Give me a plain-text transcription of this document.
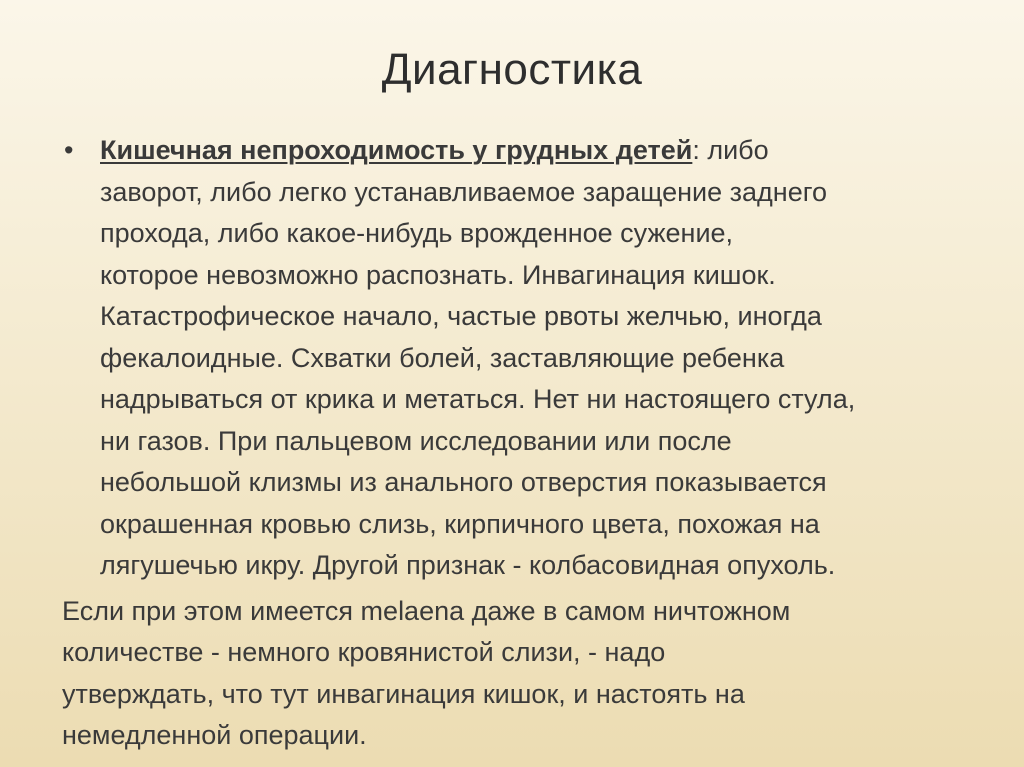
Диагностика
• Кишечная непроходимость у грудных детей: либо
заворот, либо легко устанавливаемое заращение заднего
прохода, либо какое-нибудь врожденное сужение,
которое невозможно распознать. Инвагинация кишок.
Катастрофическое начало, частые рвоты желчью, иногда
фекалоидные. Схватки болей, заставляющие ребенка
надрываться от крика и метаться. Нет ни настоящего стула,
ни газов. При пальцевом исследовании или после
небольшой клизмы из анального отверстия показывается
окрашенная кровью слизь, кирпичного цвета, похожая на
лягушечью икру. Другой признак - колбасовидная опухоль.
Если при этом имеется melaena даже в самом ничтожном
количестве - немного кровянистой слизи, - надо
утверждать, что тут инвагинация кишок, и настоять на
немедленной операции.
